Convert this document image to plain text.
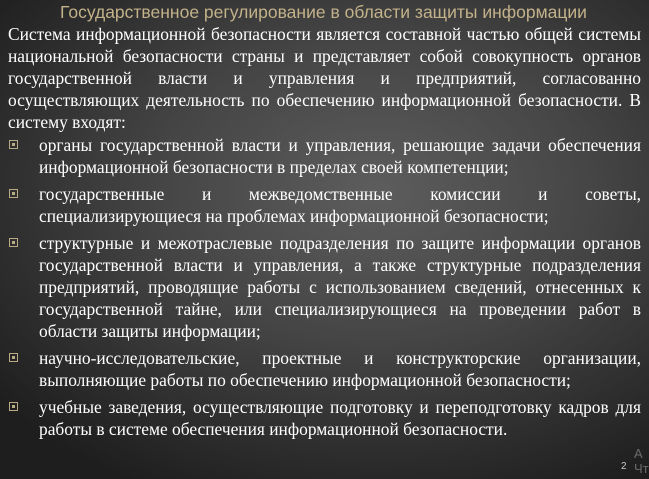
Государственное регулирование в области защиты информации

Система информационной безопасности является составной частью общей системы национальной безопасности страны и представляет собой совокупность органов государственной власти и управления и предприятий, согласованно осуществляющих деятельность по обеспечению информационной безопасности. В систему входят:

органы государственной власти и управления, решающие задачи обеспечения информационной безопасности в пределах своей компетенции;
государственные и межведомственные комиссии и советы, специализирующиеся на проблемах информационной безопасности;
структурные и межотраслевые подразделения по защите информации органов государственной власти и управления, а также структурные подразделения предприятий, проводящие работы с использованием сведений, отнесенных к государственной тайне, или специализирующиеся на проведении работ в области защиты информации;
научно-исследовательские, проектные и конструкторские организации, выполняющие работы по обеспечению информационной безопасности;
учебные заведения, осуществляющие подготовку и переподготовку кадров для работы в системе обеспечения информационной безопасности.
2
A
Чт
